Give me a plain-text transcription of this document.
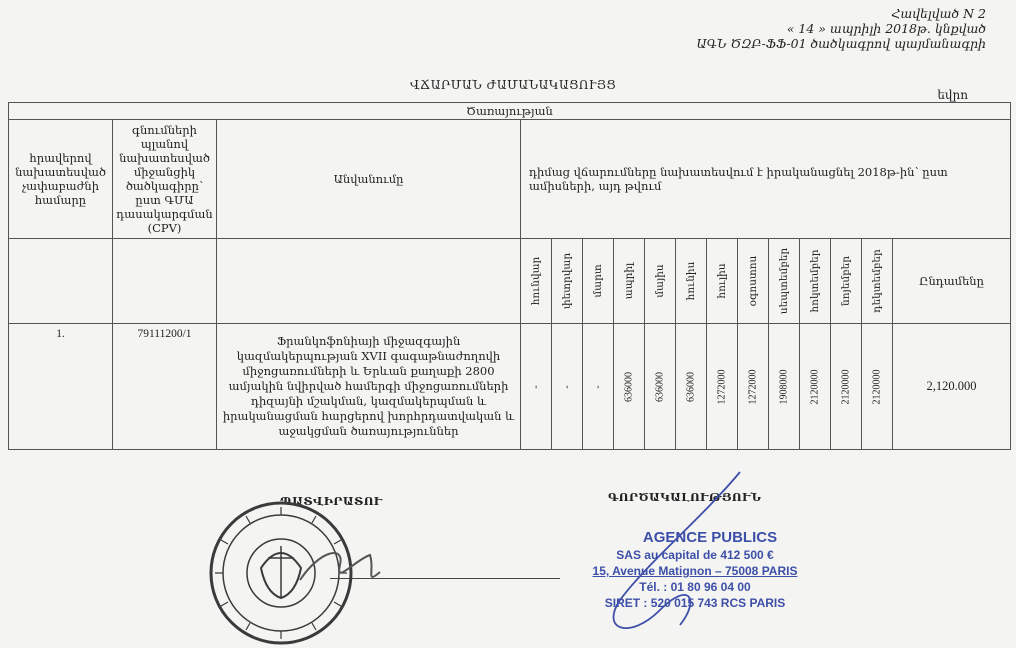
Հավելված N 2
« 14 » ապրիլի 2018թ. կնքված
ԱԳՆ ԾԶԲ-ՖՖ-01 ծածկագրով պայմանագրի
ՎՃԱՐՄԱՆ ԺԱՄԱՆԱԿԱՑՈՒՅՑ
եվրո
Ծառայության															
հրավերով նախատեսված չափաբաժնի համարը	գնումների պլանով նախատեսված միջանցիկ ծածկագիրը՝ ըստ ԳՄԱ դասակարգման (CPV)	Անվանումը	դիմաց վճարումները նախատեսվում է իրականացնել 2018թ-ին՝ ըստ ամիսների, այդ թվում												

			հունվար	փետրվար	մարտ	ապրիլ	մայիս	հունիս	հուլիս	օգոստոս	սեպտեմբեր	հոկտեմբեր	նոյեմբեր	դեկտեմբեր	Ընդամենը
1.	79111200/1	Ֆրանկոֆոնիայի միջազգային կազմակերպության XVII գագաթնաժողովի միջոցառումների և Երևան քաղաքի 2800 ամյակին նվիրված համերգի միջոցառումների դիզայնի մշակման, կազմակերպման և իրականացման հարցերով խորհրդատվական և աջակցման ծառայություններ	-	-	-	636000	636000	636000	1272000	1272000	1908000	2120000	2120000	2120000	2,120.000
ՊԱՏՎԻՐԱՏՈՒ	ԳՈՐԾԱԿԱԼՈՒԹՅՈՒՆ
AGENCE PUBLICS
SAS au capital de 412 500 €
15, Avenue Matignon – 75008 PARIS
Tél. : 01 80 96 04 00
SIRET : 520 015 743 RCS PARIS
